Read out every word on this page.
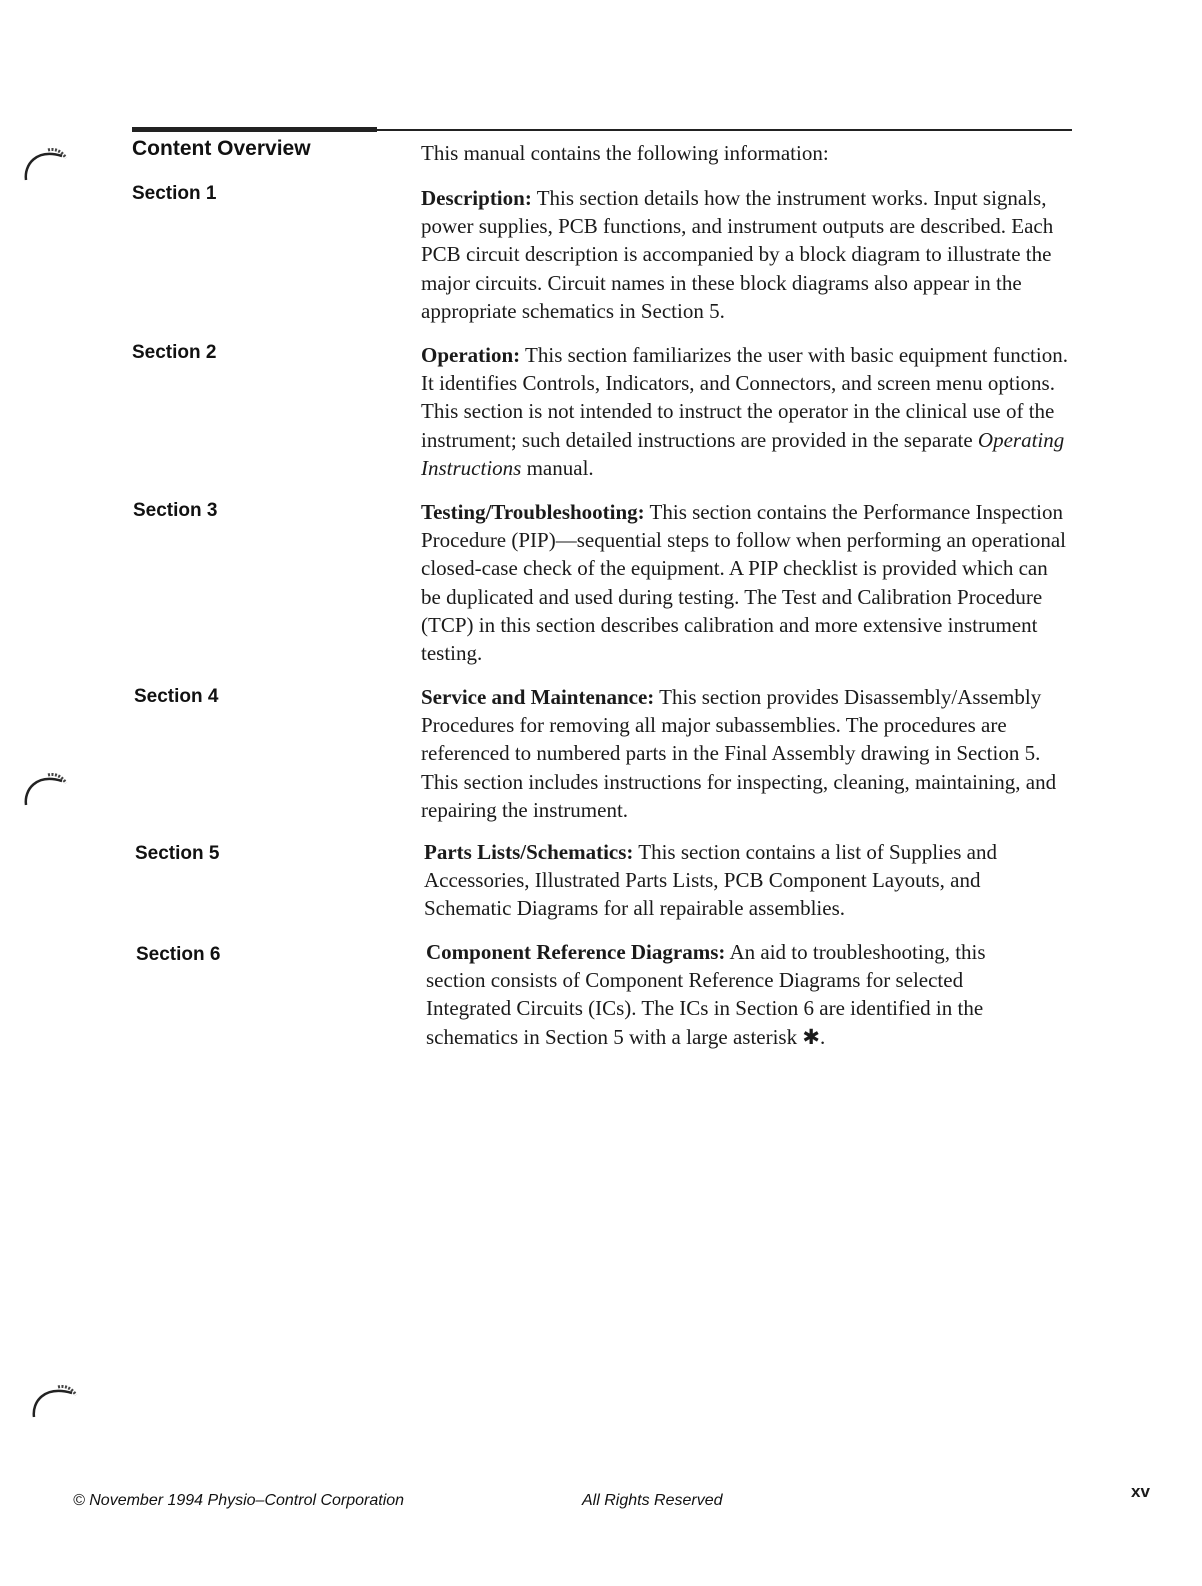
Content Overview	This manual contains the following information:
Section 1	Description: This section details how the instrument works. Input signals, power supplies, PCB functions, and instrument outputs are described. Each PCB circuit description is accompanied by a block diagram to illustrate the major circuits. Circuit names in these block diagrams also appear in the appropriate schematics in Section 5.
Section 2	Operation: This section familiarizes the user with basic equipment function. It identifies Controls, Indicators, and Connectors, and screen menu options. This section is not intended to instruct the operator in the clinical use of the instrument; such detailed instructions are provided in the separate Operating Instructions manual.
Section 3	Testing/Troubleshooting: This section contains the Performance Inspection Procedure (PIP)—sequential steps to follow when performing an operational closed-case check of the equipment. A PIP checklist is provided which can be duplicated and used during testing. The Test and Calibration Procedure (TCP) in this section describes calibration and more extensive instrument testing.
Section 4	Service and Maintenance: This section provides Disassembly/Assembly Procedures for removing all major subassemblies. The procedures are referenced to numbered parts in the Final Assembly drawing in Section 5. This section includes instructions for inspecting, cleaning, maintaining, and repairing the instrument.
Section 5	Parts Lists/Schematics: This section contains a list of Supplies and Accessories, Illustrated Parts Lists, PCB Component Layouts, and Schematic Diagrams for all repairable assemblies.
Section 6	Component Reference Diagrams: An aid to troubleshooting, this section consists of Component Reference Diagrams for selected Integrated Circuits (ICs). The ICs in Section 6 are identified in the schematics in Section 5 with a large asterisk ✱.
© November 1994 Physio–Control Corporation	All Rights Reserved	xv
